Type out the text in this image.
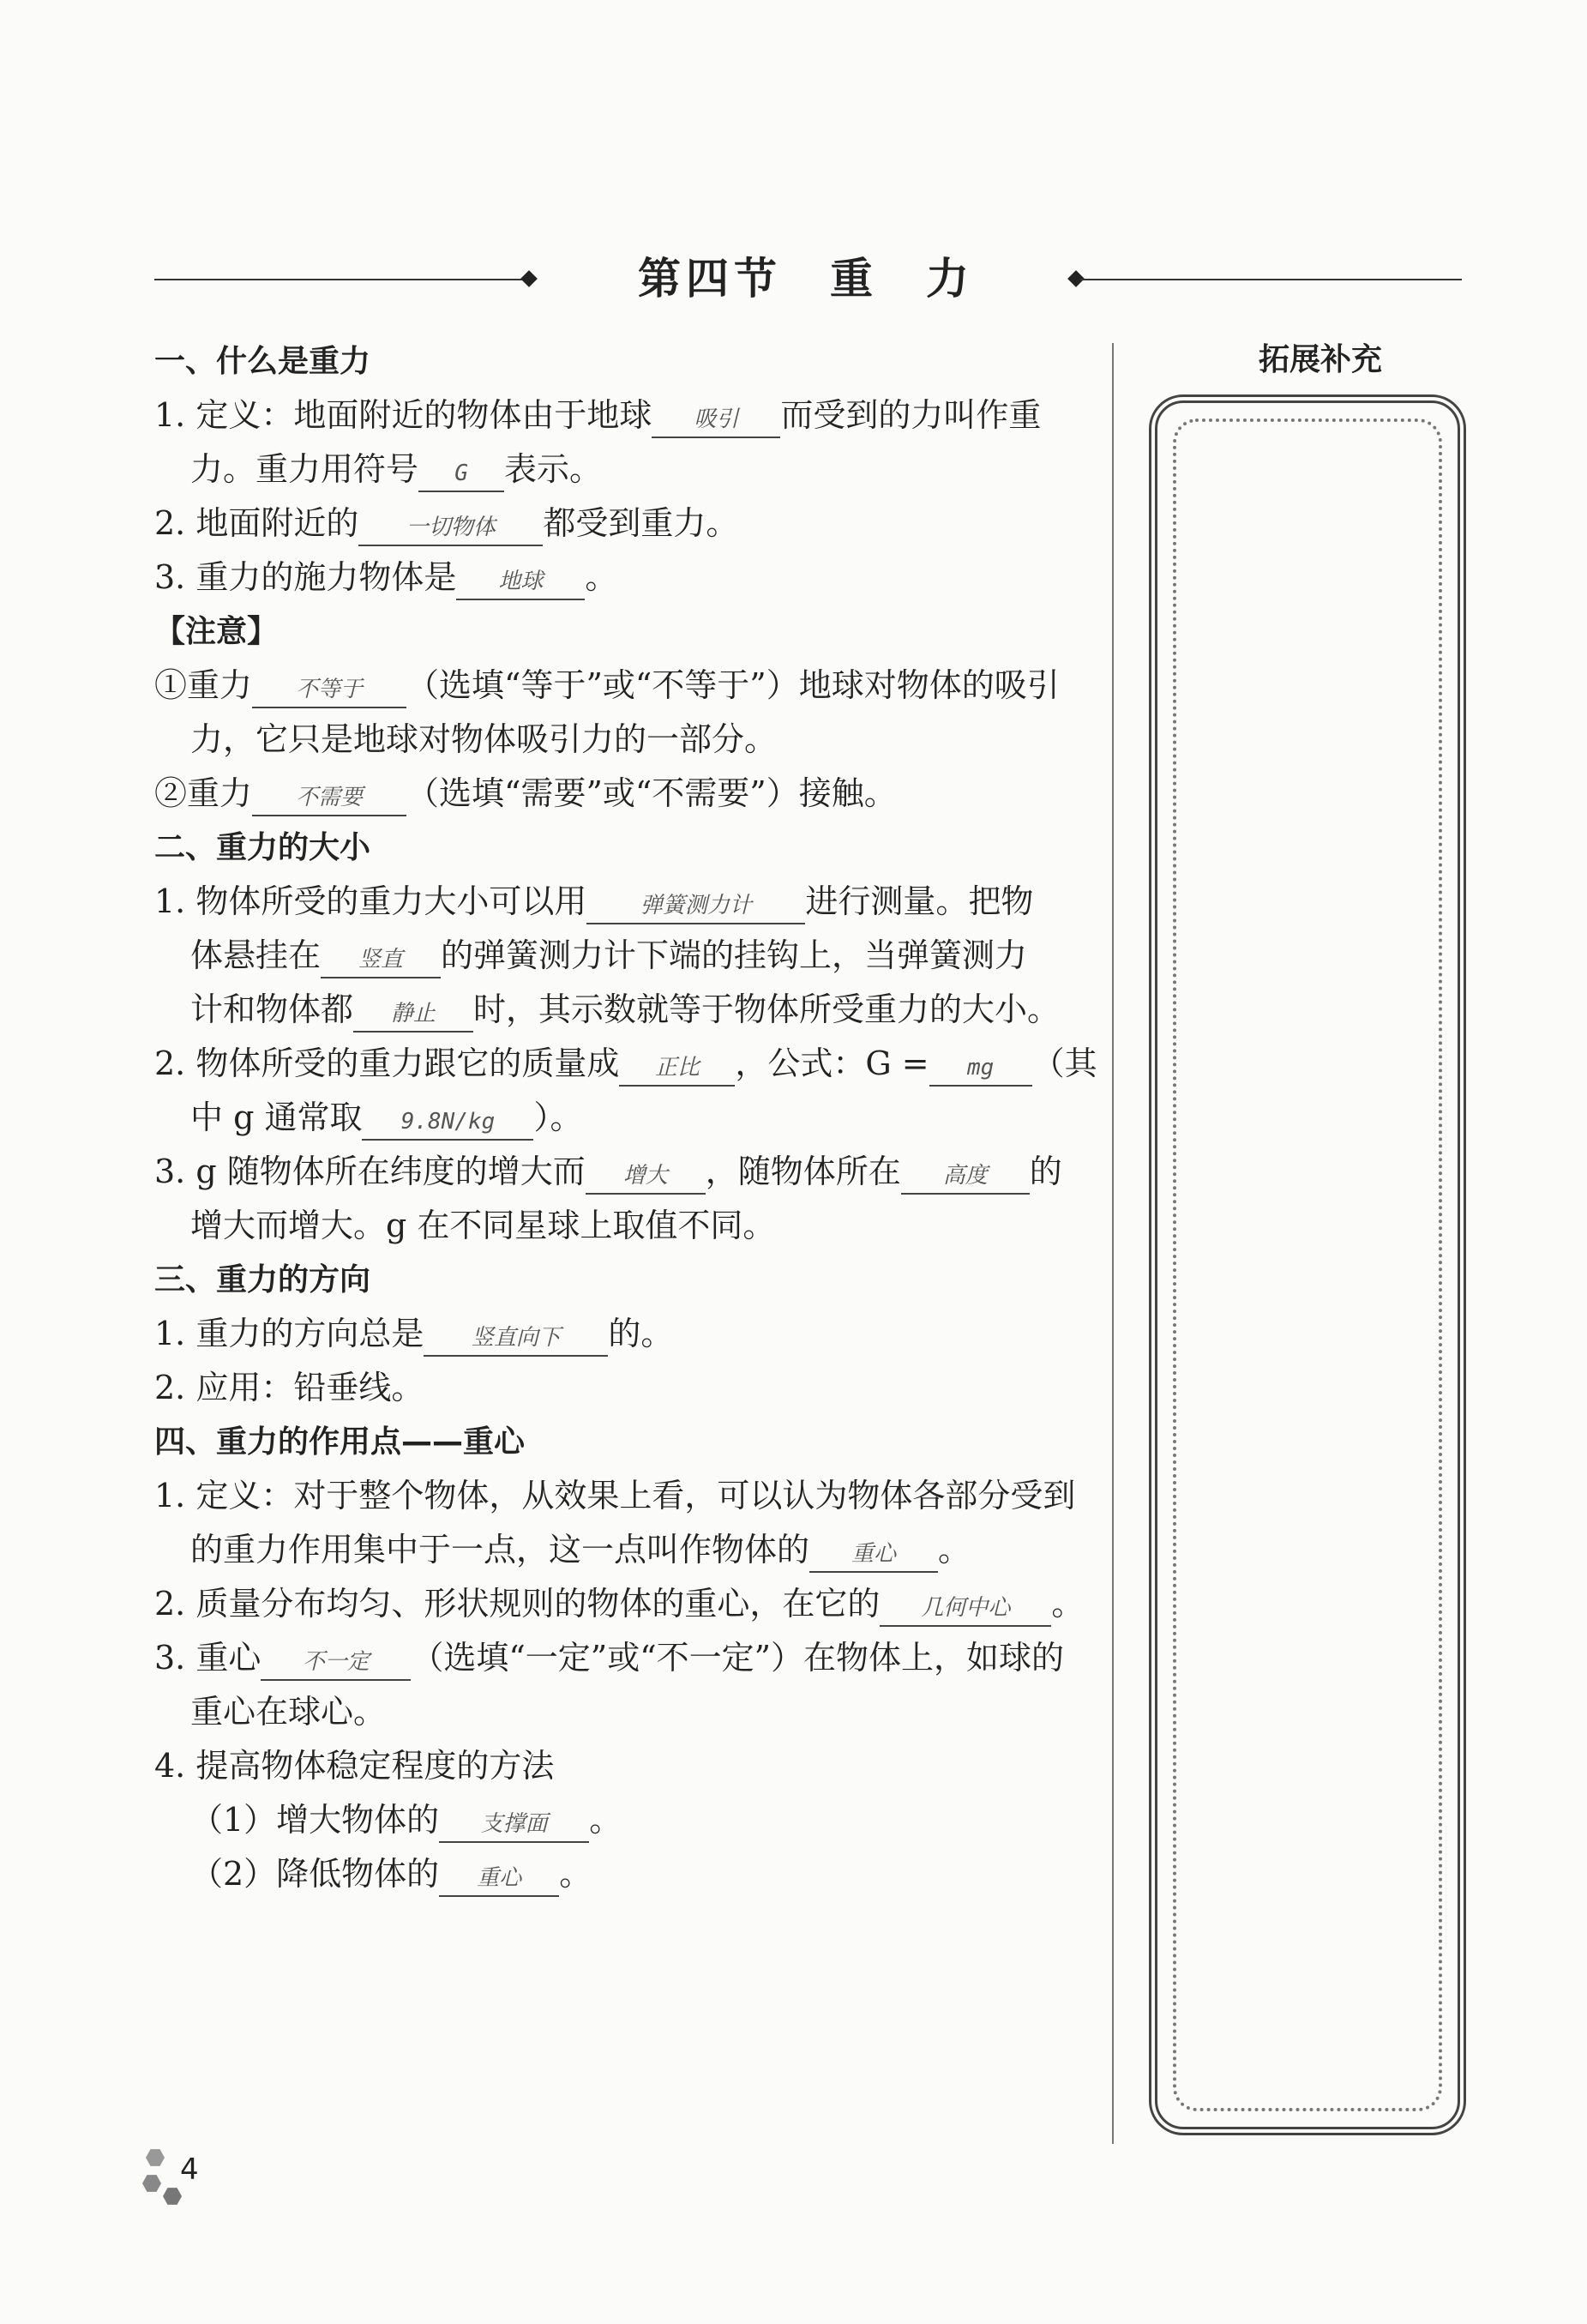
第四节　重　力
一、什么是重力
1. 定义：地面附近的物体由于地球 吸引 而受到的力叫作重
力。重力用符号 G 表示。
2. 地面附近的 一切物体 都受到重力。
3. 重力的施力物体是 地球 。
【注意】
①重力 不等于 （选填“等于”或“不等于”）地球对物体的吸引
力，它只是地球对物体吸引力的一部分。
②重力 不需要 （选填“需要”或“不需要”）接触。
二、重力的大小
1. 物体所受的重力大小可以用 弹簧测力计 进行测量。把物
体悬挂在 竖直 的弹簧测力计下端的挂钩上，当弹簧测力
计和物体都 静止 时，其示数就等于物体所受重力的大小。
2. 物体所受的重力跟它的质量成 正比 ，公式：G = mg （其
中 g 通常取 9.8N/kg ）。
3. g 随物体所在纬度的增大而 增大 ，随物体所在 高度 的
增大而增大。g 在不同星球上取值不同。
三、重力的方向
1. 重力的方向总是 竖直向下 的。
2. 应用：铅垂线。
四、重力的作用点——重心
1. 定义：对于整个物体，从效果上看，可以认为物体各部分受到
的重力作用集中于一点，这一点叫作物体的 重心 。
2. 质量分布均匀、形状规则的物体的重心，在它的 几何中心 。
3. 重心 不一定 （选填“一定”或“不一定”）在物体上，如球的
重心在球心。
4. 提高物体稳定程度的方法
（1）增大物体的 支撑面 。
（2）降低物体的 重心 。
拓展补充
4
